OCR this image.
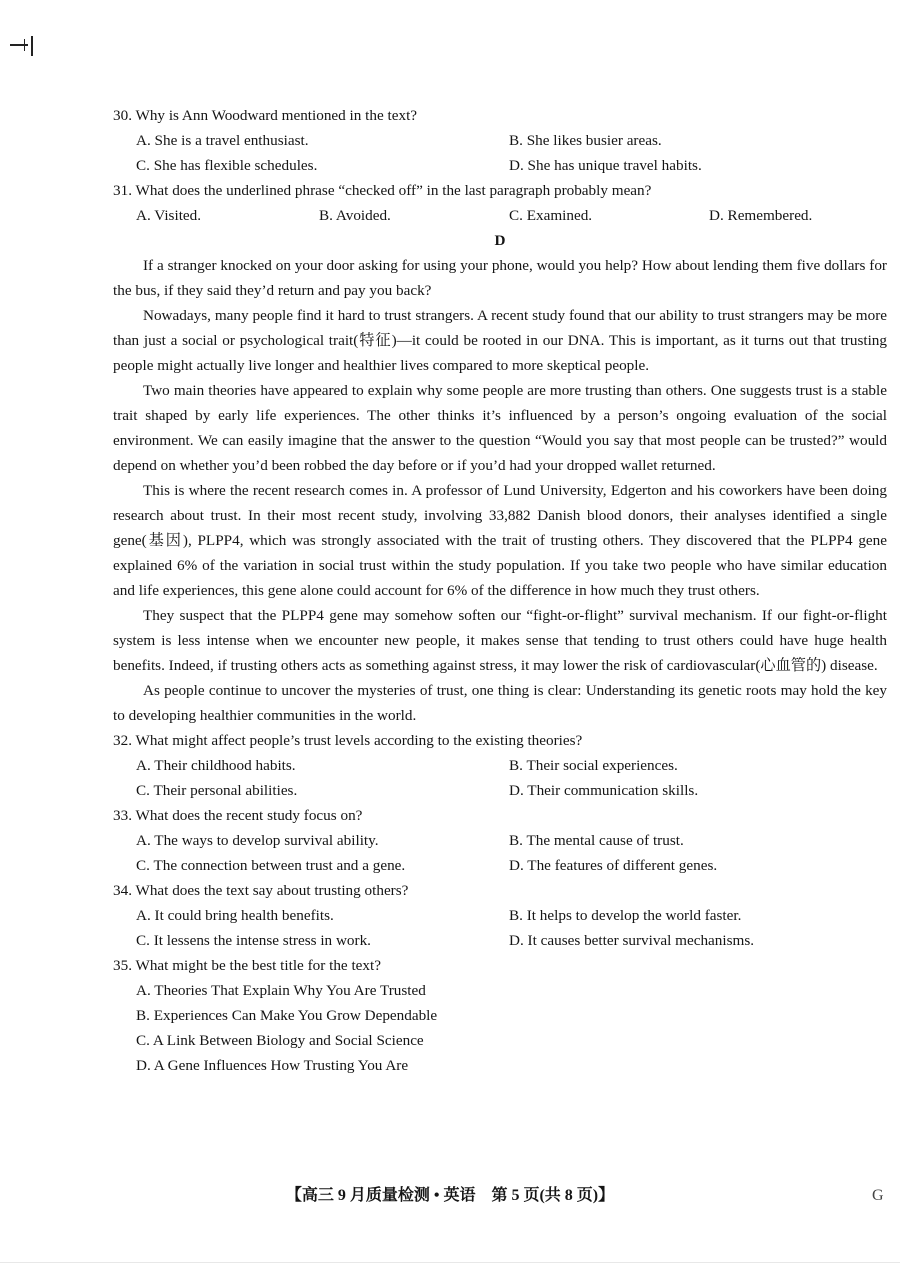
30. Why is Ann Woodward mentioned in the text?
A. She is a travel enthusiast.	B. She likes busier areas.
C. She has flexible schedules.	D. She has unique travel habits.
31. What does the underlined phrase “checked off” in the last paragraph probably mean?
A. Visited.	B. Avoided.	C. Examined.	D. Remembered.
D

If a stranger knocked on your door asking for using your phone, would you help? How about lending them five dollars for the bus, if they said they’d return and pay you back?

Nowadays, many people find it hard to trust strangers. A recent study found that our ability to trust strangers may be more than just a social or psychological trait(特征)—it could be rooted in our DNA. This is important, as it turns out that trusting people might actually live longer and healthier lives compared to more skeptical people.

Two main theories have appeared to explain why some people are more trusting than others. One suggests trust is a stable trait shaped by early life experiences. The other thinks it’s influenced by a person’s ongoing evaluation of the social environment. We can easily imagine that the answer to the question “Would you say that most people can be trusted?” would depend on whether you’d been robbed the day before or if you’d had your dropped wallet returned.

This is where the recent research comes in. A professor of Lund University, Edgerton and his coworkers have been doing research about trust. In their most recent study, involving 33,882 Danish blood donors, their analyses identified a single gene(基因), PLPP4, which was strongly associated with the trait of trusting others. They discovered that the PLPP4 gene explained 6% of the variation in social trust within the study population. If you take two people who have similar education and life experiences, this gene alone could account for 6% of the difference in how much they trust others.

They suspect that the PLPP4 gene may somehow soften our “fight-or-flight” survival mechanism. If our fight-or-flight system is less intense when we encounter new people, it makes sense that tending to trust others could have huge health benefits. Indeed, if trusting others acts as something against stress, it may lower the risk of cardiovascular(心血管的) disease.

As people continue to uncover the mysteries of trust, one thing is clear: Understanding its genetic roots may hold the key to developing healthier communities in the world.

32. What might affect people’s trust levels according to the existing theories?
A. Their childhood habits.	B. Their social experiences.
C. Their personal abilities.	D. Their communication skills.
33. What does the recent study focus on?
A. The ways to develop survival ability.	B. The mental cause of trust.
C. The connection between trust and a gene.	D. The features of different genes.
34. What does the text say about trusting others?
A. It could bring health benefits.	B. It helps to develop the world faster.
C. It lessens the intense stress in work.	D. It causes better survival mechanisms.
35. What might be the best title for the text?
A. Theories That Explain Why You Are Trusted
B. Experiences Can Make You Grow Dependable
C. A Link Between Biology and Social Science
D. A Gene Influences How Trusting You Are
【高三 9 月质量检测 • 英语　第 5 页(共 8 页)】	G
